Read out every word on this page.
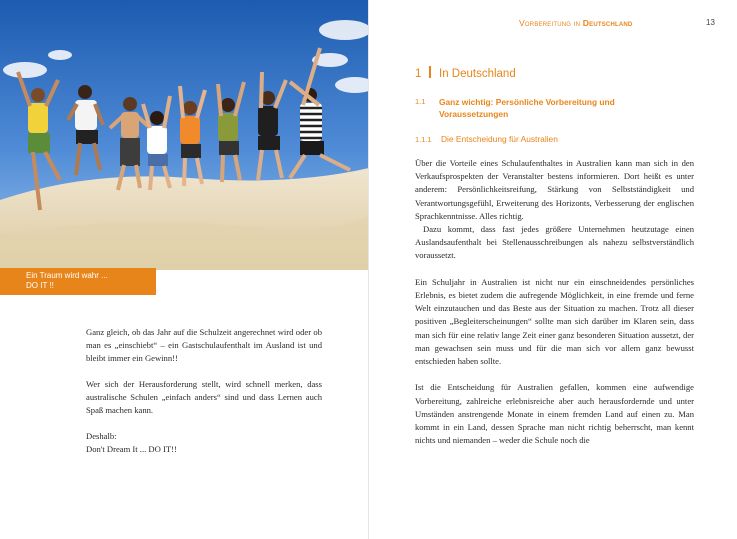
Ein Traum wird wahr ...
DO IT !!

Ganz gleich, ob das Jahr auf die Schulzeit angerechnet wird oder ob man es „einschiebt“ – ein Gastschulaufenthalt im Ausland ist und bleibt immer ein Gewinn!!

Wer sich der Herausforderung stellt, wird schnell merken, dass australische Schulen „einfach anders“ sind und dass Lernen auch Spaß machen kann.

Deshalb:
Don't Dream It ... DO IT!!
Vorbereitung in Deutschland	13
1 In Deutschland
1.1 Ganz wichtig: Persönliche Vorbereitung und Voraussetzungen
1.1.1 Die Entscheidung für Australien

Über die Vorteile eines Schulaufenthaltes in Australien kann man sich in den Verkaufsprospekten der Veranstalter bestens informieren. Dort heißt es unter anderem: Persönlichkeitsreifung, Stärkung von Selbstständigkeit und Verantwortungsgefühl, Erweiterung des Horizonts, Verbesserung der englischen Sprachkenntnisse. Alles richtig.

Dazu kommt, dass fast jedes größere Unternehmen heutzutage einen Auslandsaufenthalt bei Stellenausschreibungen als nahezu selbstverständlich voraussetzt.

Ein Schuljahr in Australien ist nicht nur ein einschneidendes persönliches Erlebnis, es bietet zudem die aufregende Möglichkeit, in eine fremde und ferne Welt einzutauchen und das Beste aus der Situation zu machen. Trotz all dieser positiven „Begleiterscheinungen“ sollte man sich darüber im Klaren sein, dass man sich für eine relativ lange Zeit einer ganz besonderen Situation aussetzt, der man gewachsen sein muss und für die man sich vor allem ganz bewusst entschieden haben sollte.

Ist die Entscheidung für Australien gefallen, kommen eine aufwendige Vorbereitung, zahlreiche erlebnisreiche aber auch herausfordernde und unter Umständen anstrengende Monate in einem fremden Land auf einen zu. Man kommt in ein Land, dessen Sprache man nicht richtig beherrscht, man kennt nichts und niemanden – weder die Schule noch die
